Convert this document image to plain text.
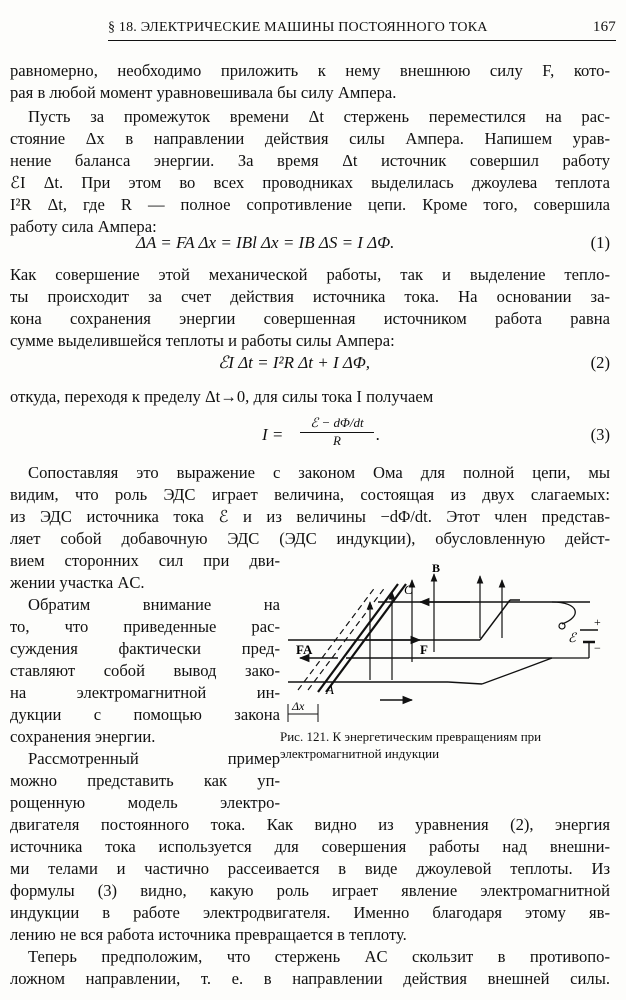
§ 18. ЭЛЕКТРИЧЕСКИЕ МАШИНЫ ПОСТОЯННОГО ТОКА	167
равномерно, необходимо приложить к нему внешнюю силу F, кото-
рая в любой момент уравновешивала бы силу Ампера.
Пусть за промежуток времени Δt стержень переместился на рас-
стояние Δx в направлении действия силы Ампера. Напишем урав-
нение баланса энергии. За время Δt источник совершил работу
ℰI Δt. При этом во всех проводниках выделилась джоулева теплота
I²R Δt, где R — полное сопротивление цепи. Кроме того, совершила
работу сила Ампера:
ΔA = FA Δx = IBl Δx = IB ΔS = I ΔΦ.	(1)
Как совершение этой механической работы, так и выделение тепло-
ты происходит за счет действия источника тока. На основании за-
кона сохранения энергии совершенная источником работа равна
сумме выделившейся теплоты и работы силы Ампера:
ℰI Δt = I²R Δt + I ΔΦ,	(2)
откуда, переходя к пределу Δt→0, для силы тока I получаем
I =
ℰ − dΦ/dt
R	.	(3)
Сопоставляя это выражение с законом Ома для полной цепи, мы
видим, что роль ЭДС играет величина, состоящая из двух слагаемых:
из ЭДС источника тока ℰ и из величины −dΦ/dt. Этот член представ-
ляет собой добавочную ЭДС (ЭДС индукции), обусловленную дейст-
вием сторонних сил при дви-
жении участка AC.
Обратим внимание на
то, что приведенные рас-
суждения фактически пред-
ставляют собой вывод зако-
на электромагнитной ин-
дукции с помощью закона
сохранения энергии.
Рассмотренный пример
можно представить как уп-
рощенную модель электро-
двигателя постоянного тока. Как видно из уравнения (2), энергия
источника тока используется для совершения работы над внешни-
ми телами и частично рассеивается в виде джоулевой теплоты. Из
формулы (3) видно, какую роль играет явление электромагнитной
индукции в работе электродвигателя. Именно благодаря этому яв-
лению не вся работа источника превращается в теплоту.
Теперь предположим, что стержень AC скользит в противопо-
ложном направлении, т. е. в направлении действия внешней силы.
B
C
A
FA	F
Δx
ℰ
+
−
Рис. 121. К энергетическим превращениям при электромагнитной индукции
